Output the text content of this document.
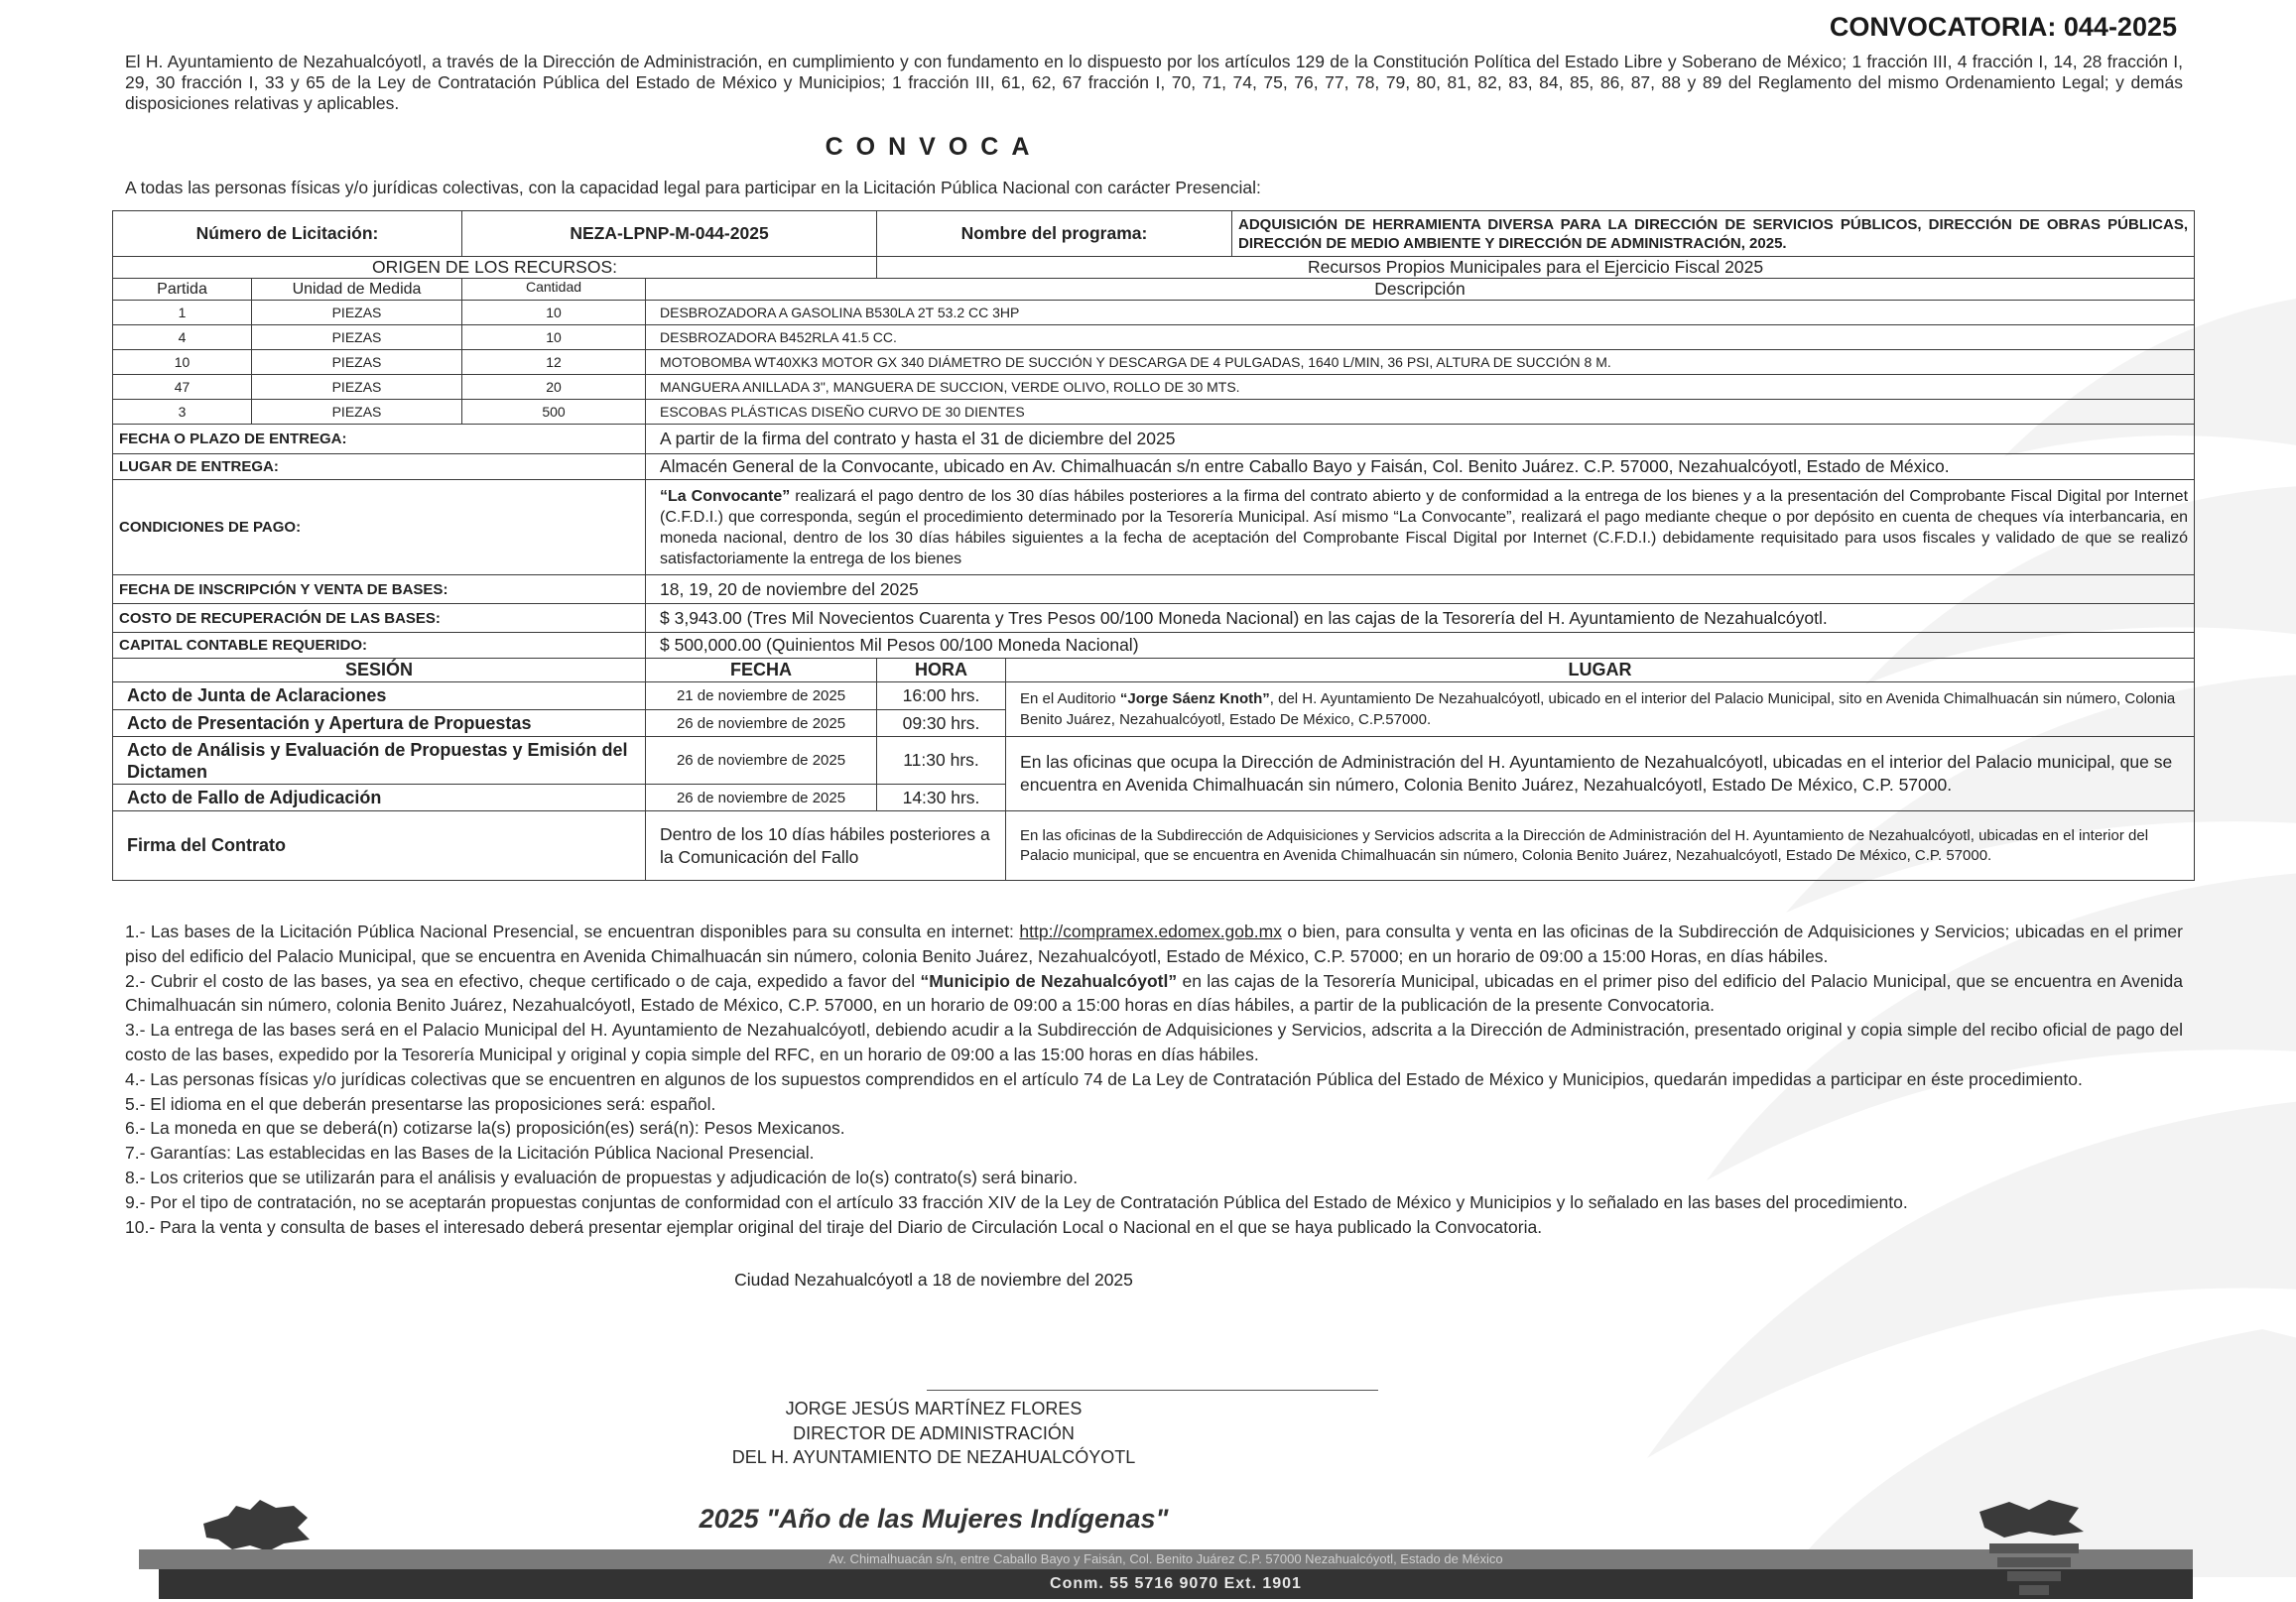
CONVOCATORIA: 044-2025
El H. Ayuntamiento de Nezahualcóyotl, a través de la Dirección de Administración, en cumplimiento y con fundamento en lo dispuesto por los artículos 129 de la Constitución Política del Estado Libre y Soberano de México; 1 fracción III, 4 fracción I, 14, 28 fracción I, 29, 30 fracción I, 33 y 65 de la Ley de Contratación Pública del Estado de México y Municipios; 1 fracción III, 61, 62, 67 fracción I, 70, 71, 74, 75, 76, 77, 78, 79, 80, 81, 82, 83, 84, 85, 86, 87, 88 y 89 del Reglamento del mismo Ordenamiento Legal; y demás disposiciones relativas y aplicables.
CONVOCA
A todas las personas físicas y/o jurídicas colectivas, con la capacidad legal para participar en la Licitación Pública Nacional con carácter Presencial:
Número de Licitación:		NEZA-LPNP-M-044-2025		Nombre del programa:		ADQUISICIÓN DE HERRAMIENTA DIVERSA PARA LA DIRECCIÓN DE SERVICIOS PÚBLICOS, DIRECCIÓN DE OBRAS PÚBLICAS, DIRECCIÓN DE MEDIO AMBIENTE Y DIRECCIÓN DE ADMINISTRACIÓN, 2025.
ORIGEN DE LOS RECURSOS:				Recursos Propios Municipales para el Ejercicio Fiscal 2025		
Partida	Unidad de Medida	Cantidad	Descripción			
1	PIEZAS	10	DESBROZADORA A GASOLINA B530LA 2T 53.2 CC 3HP			
4	PIEZAS	10	DESBROZADORA B452RLA 41.5 CC.			
10	PIEZAS	12	MOTOBOMBA WT40XK3 MOTOR GX 340 DIÁMETRO DE SUCCIÓN Y DESCARGA DE 4 PULGADAS, 1640 L/MIN, 36 PSI, ALTURA DE SUCCIÓN 8 M.			
47	PIEZAS	20	MANGUERA ANILLADA 3", MANGUERA DE SUCCION, VERDE OLIVO, ROLLO DE 30 MTS.			
3	PIEZAS	500	ESCOBAS PLÁSTICAS DISEÑO CURVO DE 30 DIENTES			
FECHA O PLAZO DE ENTREGA:			A partir de la firma del contrato y hasta el 31 de diciembre del 2025			
LUGAR DE ENTREGA:			Almacén General de la Convocante, ubicado en Av. Chimalhuacán s/n entre Caballo Bayo y Faisán, Col. Benito Juárez. C.P. 57000, Nezahualcóyotl, Estado de México.			
CONDICIONES DE PAGO:			“La Convocante” realizará el pago dentro de los 30 días hábiles posteriores a la firma del contrato abierto y de conformidad a la entrega de los bienes y a la presentación del Comprobante Fiscal Digital por Internet (C.F.D.I.) que corresponda, según el procedimiento determinado por la Tesorería Municipal. Así mismo “La Convocante”, realizará el pago mediante cheque o por depósito en cuenta de cheques vía interbancaria, en moneda nacional, dentro de los 30 días hábiles siguientes a la fecha de aceptación del Comprobante Fiscal Digital por Internet (C.F.D.I.) debidamente requisitado para usos fiscales y validado de que se realizó satisfactoriamente la entrega de los bienes			
FECHA DE INSCRIPCIÓN Y VENTA DE BASES:			18, 19, 20 de noviembre del 2025			
COSTO DE RECUPERACIÓN DE LAS BASES:			$ 3,943.00 (Tres Mil Novecientos Cuarenta y Tres Pesos 00/100 Moneda Nacional) en las cajas de la Tesorería del H. Ayuntamiento de Nezahualcóyotl.			
CAPITAL CONTABLE REQUERIDO:			$ 500,000.00 (Quinientos Mil Pesos 00/100 Moneda Nacional)			
SESIÓN			FECHA	HORA	LUGAR	
Acto de Junta de Aclaraciones			21 de noviembre de 2025	16:00 hrs.	En el Auditorio “Jorge Sáenz Knoth”, del H. Ayuntamiento De Nezahualcóyotl, ubicado en el interior del Palacio Municipal, sito en Avenida Chimalhuacán sin número, Colonia Benito Juárez, Nezahualcóyotl, Estado De México, C.P.57000.	
Acto de Presentación y Apertura de Propuestas			26 de noviembre de 2025	09:30 hrs.		
Acto de Análisis y Evaluación de Propuestas y Emisión del Dictamen			26 de noviembre de 2025	11:30 hrs.	En las oficinas que ocupa la Dirección de Administración del H. Ayuntamiento de Nezahualcóyotl, ubicadas en el interior del Palacio municipal, que se encuentra en Avenida Chimalhuacán sin número, Colonia Benito Juárez, Nezahualcóyotl, Estado De México, C.P. 57000.	
Acto de Fallo de Adjudicación			26 de noviembre de 2025	14:30 hrs.		
Firma del Contrato			Dentro de los 10 días hábiles posteriores a la Comunicación del Fallo		En las oficinas de la Subdirección de Adquisiciones y Servicios adscrita a la Dirección de Administración del H. Ayuntamiento de Nezahualcóyotl, ubicadas en el interior del Palacio municipal, que se encuentra en Avenida Chimalhuacán sin número, Colonia Benito Juárez, Nezahualcóyotl, Estado De México, C.P. 57000.	

1.- Las bases de la Licitación Pública Nacional Presencial, se encuentran disponibles para su consulta en internet: http://compramex.edomex.gob.mx o bien, para consulta y venta en las oficinas de la Subdirección de Adquisiciones y Servicios; ubicadas en el primer piso del edificio del Palacio Municipal, que se encuentra en Avenida Chimalhuacán sin número, colonia Benito Juárez, Nezahualcóyotl, Estado de México, C.P. 57000; en un horario de 09:00 a 15:00 Horas, en días hábiles.

2.- Cubrir el costo de las bases, ya sea en efectivo, cheque certificado o de caja, expedido a favor del “Municipio de Nezahualcóyotl” en las cajas de la Tesorería Municipal, ubicadas en el primer piso del edificio del Palacio Municipal, que se encuentra en Avenida Chimalhuacán sin número, colonia Benito Juárez, Nezahualcóyotl, Estado de México, C.P. 57000, en un horario de 09:00 a 15:00 horas en días hábiles, a partir de la publicación de la presente Convocatoria.

3.- La entrega de las bases será en el Palacio Municipal del H. Ayuntamiento de Nezahualcóyotl, debiendo acudir a la Subdirección de Adquisiciones y Servicios, adscrita a la Dirección de Administración, presentado original y copia simple del recibo oficial de pago del costo de las bases, expedido por la Tesorería Municipal y original y copia simple del RFC, en un horario de 09:00 a las 15:00 horas en días hábiles.

4.- Las personas físicas y/o jurídicas colectivas que se encuentren en algunos de los supuestos comprendidos en el artículo 74 de La Ley de Contratación Pública del Estado de México y Municipios, quedarán impedidas a participar en éste procedimiento.

5.- El idioma en el que deberán presentarse las proposiciones será: español.

6.- La moneda en que se deberá(n) cotizarse la(s) proposición(es) será(n): Pesos Mexicanos.

7.- Garantías: Las establecidas en las Bases de la Licitación Pública Nacional Presencial.

8.- Los criterios que se utilizarán para el análisis y evaluación de propuestas y adjudicación de lo(s) contrato(s) será binario.

9.- Por el tipo de contratación, no se aceptarán propuestas conjuntas de conformidad con el artículo 33 fracción XIV de la Ley de Contratación Pública del Estado de México y Municipios y lo señalado en las bases del procedimiento.

10.- Para la venta y consulta de bases el interesado deberá presentar ejemplar original del tiraje del Diario de Circulación Local o Nacional en el que se haya publicado la Convocatoria.

Ciudad Nezahualcóyotl a 18 de noviembre del 2025
JORGE JESÚS MARTÍNEZ FLORES
DIRECTOR DE ADMINISTRACIÓN
DEL H. AYUNTAMIENTO DE NEZAHUALCÓYOTL
2025 "Año de las Mujeres Indígenas"
Av. Chimalhuacán s/n, entre Caballo Bayo y Faisán, Col. Benito Juárez C.P. 57000 Nezahualcóyotl, Estado de México
Conm. 55 5716 9070 Ext. 1901
